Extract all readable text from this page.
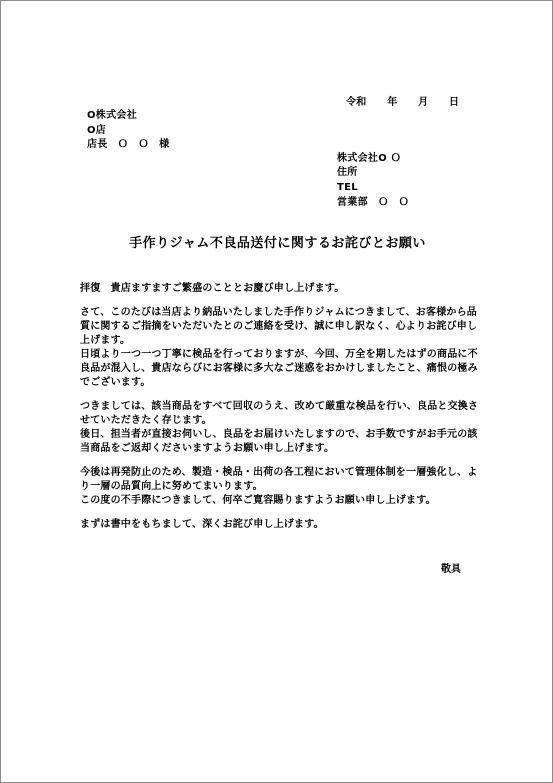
令和　　年　　月　　日
O株式会社
O店
店長　Ｏ　Ｏ　様
株式会社O Ｏ
住所
TEL
営業部　Ｏ　Ｏ
手作りジャム不良品送付に関するお詫びとお願い

拝復　貴店ますますご繁盛のこととお慶び申し上げます。

さて、このたびは当店より納品いたしました手作りジャムにつきまして、お客様から品質に関するご指摘をいただいたとのご連絡を受け、誠に申し訳なく、心よりお詫び申し上げます。

日頃より一つ一つ丁寧に検品を行っておりますが、今回、万全を期したはずの商品に不良品が混入し、貴店ならびにお客様に多大なご迷惑をおかけしましたこと、痛恨の極みでございます。

つきましては、該当商品をすべて回収のうえ、改めて厳重な検品を行い、良品と交換させていただきたく存じます。

後日、担当者が直接お伺いし、良品をお届けいたしますので、お手数ですがお手元の該当商品をご返却くださいますようお願い申し上げます。

今後は再発防止のため、製造・検品・出荷の各工程において管理体制を一層強化し、より一層の品質向上に努めてまいります。

この度の不手際につきまして、何卒ご寛容賜りますようお願い申し上げます。

まずは書中をもちまして、深くお詫び申し上げます。

敬具
